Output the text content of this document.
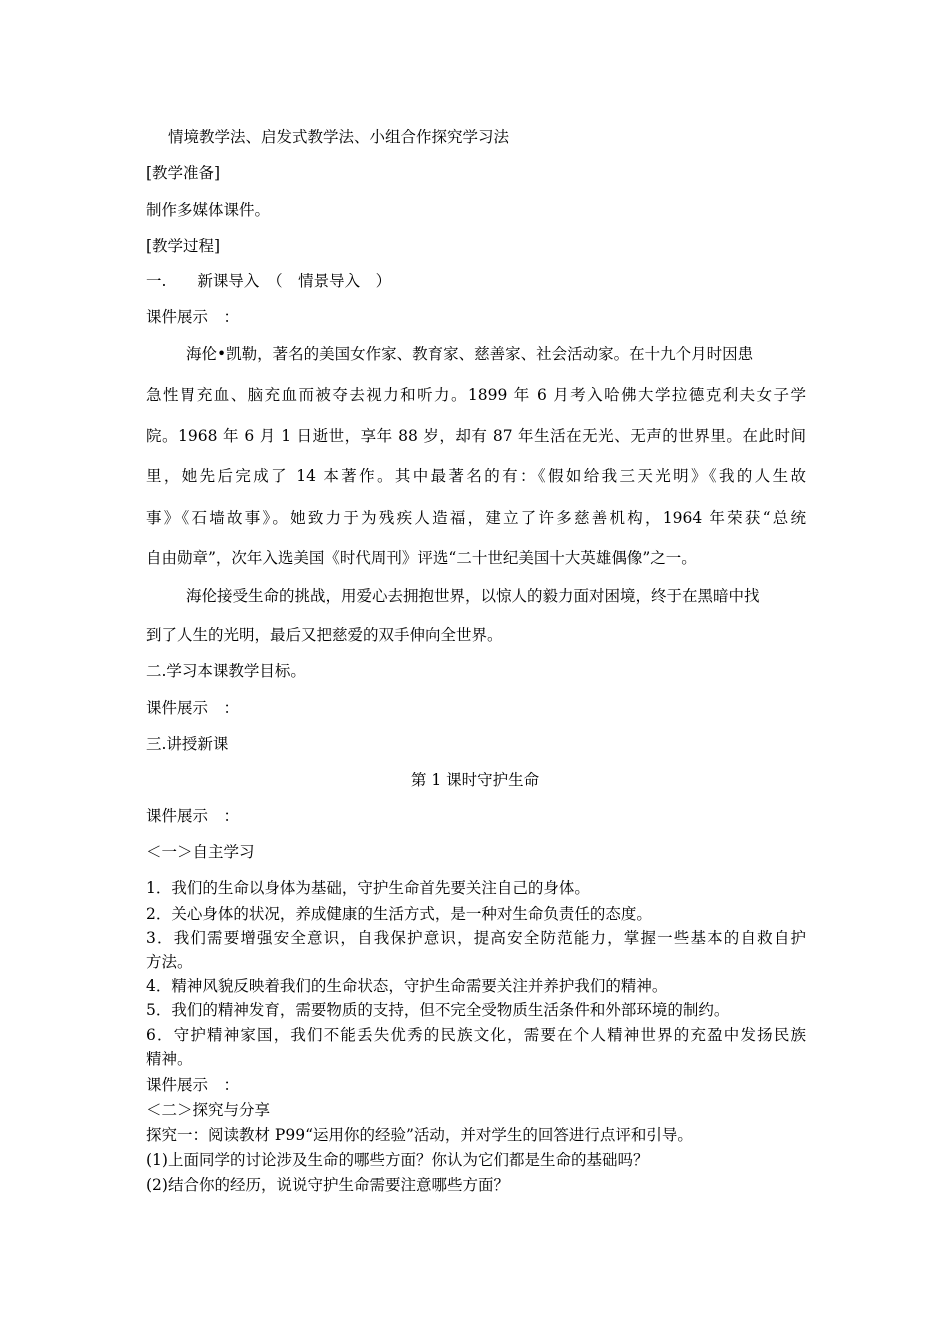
情境教学法、启发式教学法、小组合作探究学习法

[教学准备]

制作多媒体课件。

[教学过程]

一.　　新课导入　（　情景导入　）

课件展示　：

海伦•凯勒，著名的美国女作家、教育家、慈善家、社会活动家。在十九个月时因患

急性胃充血、脑充血而被夺去视力和听力。1899 年 6 月考入哈佛大学拉德克利夫女子学

院。1968 年 6 月 1 日逝世，享年 88 岁，却有 87 年生活在无光、无声的世界里。在此时间

里，她先后完成了 14 本著作。其中最著名的有：《假如给我三天光明》《我的人生故

事》《石墙故事》。她致力于为残疾人造福，建立了许多慈善机构，1964 年荣获“总统

自由勋章”，次年入选美国《时代周刊》评选“二十世纪美国十大英雄偶像”之一。

海伦接受生命的挑战，用爱心去拥抱世界，以惊人的毅力面对困境，终于在黑暗中找

到了人生的光明，最后又把慈爱的双手伸向全世界。

二.学习本课教学目标。

课件展示　：

三.讲授新课

第 1 课时守护生命

课件展示　：

＜一＞自主学习

1．我们的生命以身体为基础，守护生命首先要关注自己的身体。

2．关心身体的状况，养成健康的生活方式，是一种对生命负责任的态度。

3．我们需要增强安全意识，自我保护意识，提高安全防范能力，掌握一些基本的自救自护

方法。

4．精神风貌反映着我们的生命状态，守护生命需要关注并养护我们的精神。

5．我们的精神发育，需要物质的支持，但不完全受物质生活条件和外部环境的制约。

6．守护精神家国，我们不能丢失优秀的民族文化，需要在个人精神世界的充盈中发扬民族

精神。

课件展示　：

＜二＞探究与分享

探究一：阅读教材 P99“运用你的经验”活动，并对学生的回答进行点评和引导。

(1)上面同学的讨论涉及生命的哪些方面？你认为它们都是生命的基础吗？

(2)结合你的经历，说说守护生命需要注意哪些方面？
